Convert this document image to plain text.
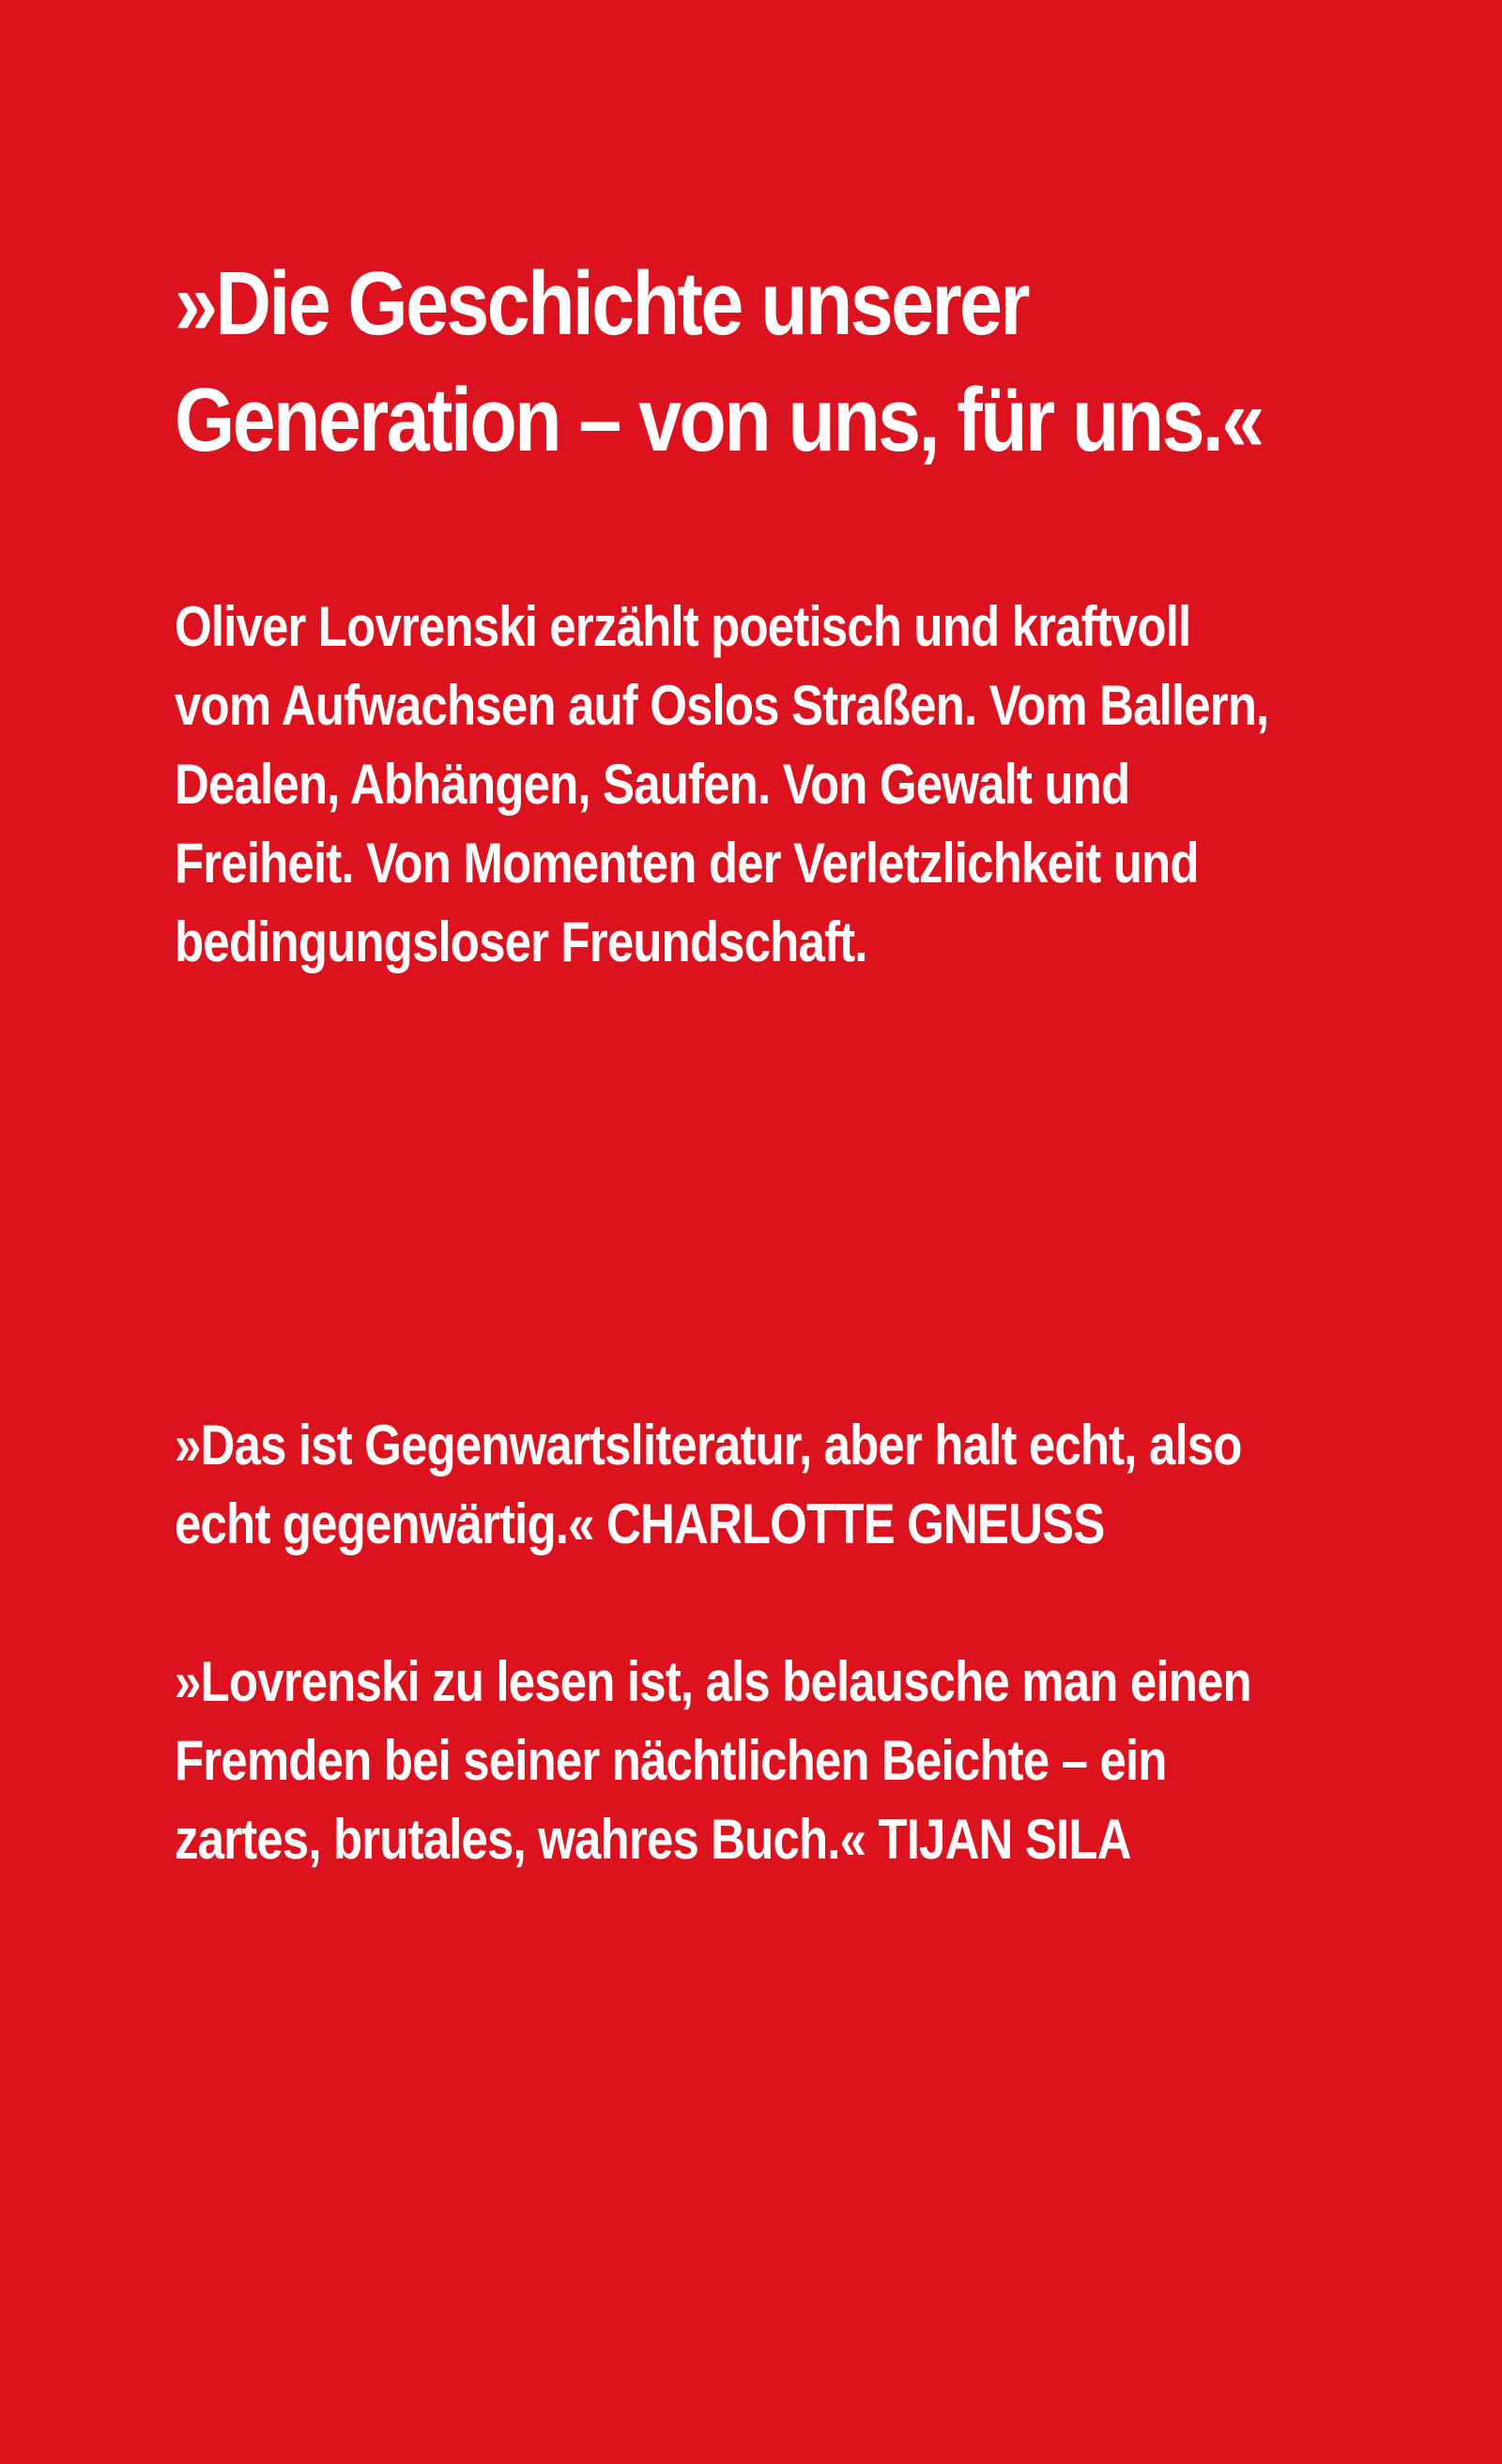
»Die Geschichte unserer
Generation – von uns, für uns.«

Oliver Lovrenski erzählt poetisch und kraftvoll
vom Aufwachsen auf Oslos Straßen. Vom Ballern,
Dealen, Abhängen, Saufen. Von Gewalt und
Freiheit. Von Momenten der Verletzlichkeit und
bedingungsloser Freundschaft.

»Das ist Gegenwartsliteratur, aber halt echt, also
echt gegenwärtig.« CHARLOTTE GNEUSS

»Lovrenski zu lesen ist, als belausche man einen
Fremden bei seiner nächtlichen Beichte – ein
zartes, brutales, wahres Buch.« TIJAN SILA
